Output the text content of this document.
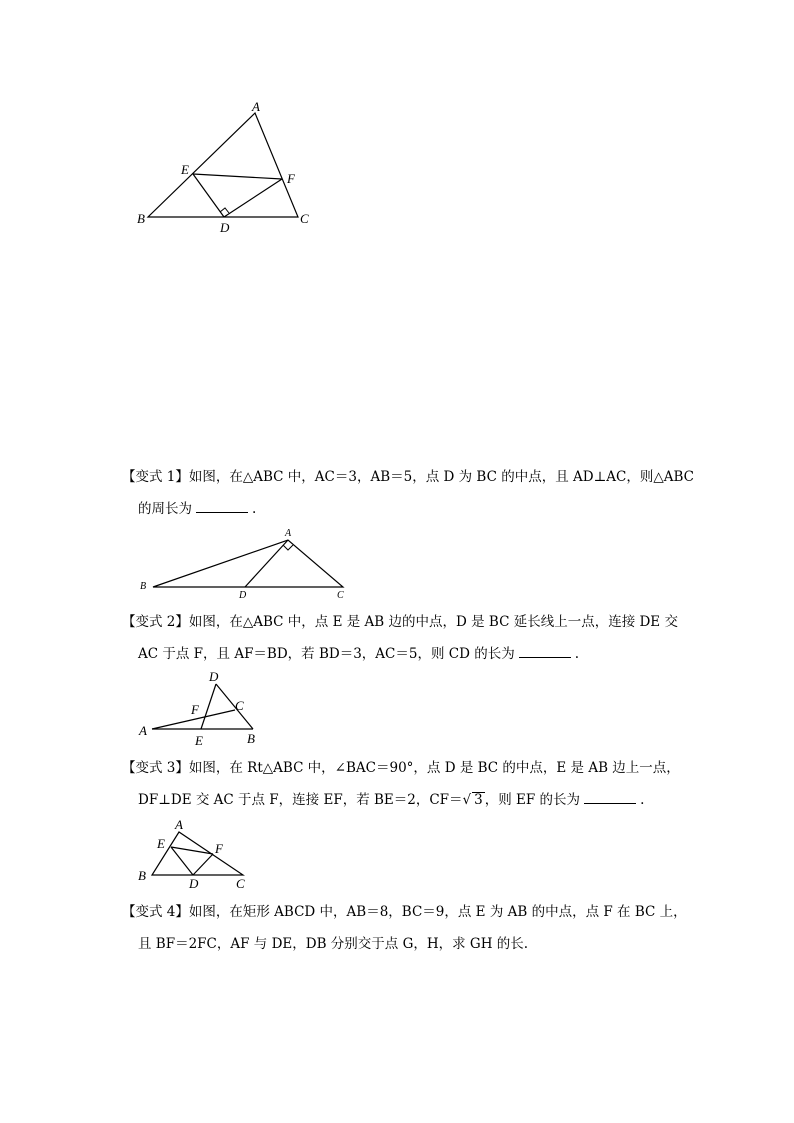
A
E
F
B
D
C
【变式 1】如图，在△ABC 中，AC＝3，AB＝5，点 D 为 BC 的中点，且 AD⊥AC，则△ABC
的周长为	.
A
B
D	C
【变式 2】如图，在△ABC 中，点 E 是 AB 边的中点，D 是 BC 延长线上一点，连接 DE 交
AC 于点 F，且 AF＝BD，若 BD＝3，AC＝5，则 CD 的长为	.
D
C
F
A
E	B
【变式 3】如图，在 Rt△ABC 中，∠BAC＝90°，点 D 是 BC 的中点，E 是 AB 边上一点，
DF⊥DE 交 AC 于点 F，连接 EF，若 BE＝2，CF＝√ 3 ，则 EF 的长为	.
A
E	F
B
D	C
【变式 4】如图，在矩形 ABCD 中，AB＝8，BC＝9，点 E 为 AB 的中点，点 F 在 BC 上，
且 BF＝2FC，AF 与 DE，DB 分别交于点 G，H，求 GH 的长.
